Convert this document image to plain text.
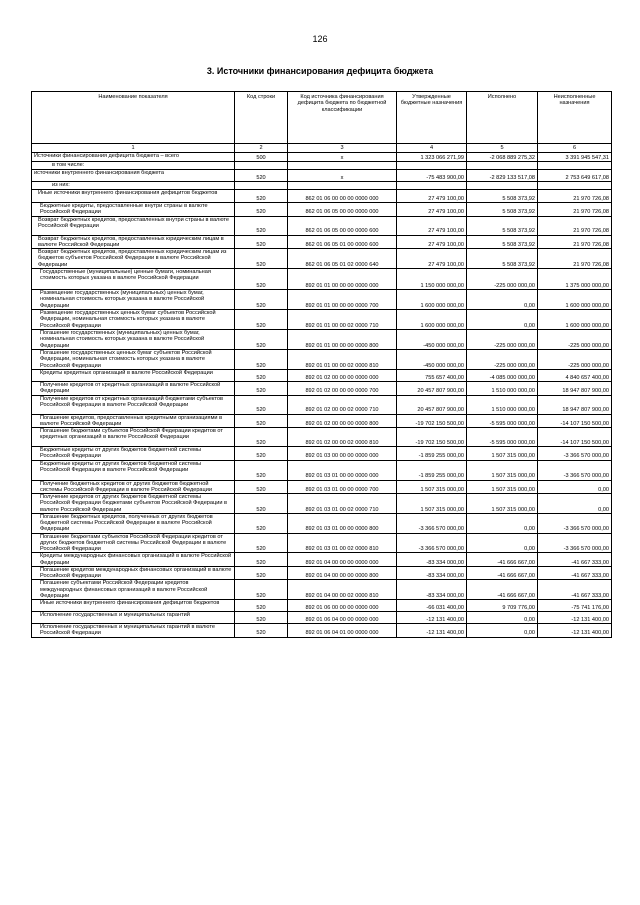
126
3. Источники финансирования дефицита бюджета
Наименование показателя	Код строки	Код источника финансирования дефицита бюджета по бюджетной классификации	Утвержденные бюджетные назначения	Исполнено	Неисполненные назначения
1	2	3	4	5	6
Источники финансирования дефицита бюджета – всего	500	x	1 323 066 271,99	-2 068 889 275,32	3 391 945 547,31
в том числе:					
источники внутреннего финансирования бюджета	520	x	-75 483 900,00	-2 829 133 517,08	2 753 649 617,08
из них:					
Иные источники внутреннего финансирования дефицитов бюджетов	520	862 01 06 00 00 00 0000 000	27 479 100,00	5 508 373,92	21 970 726,08
Бюджетные кредиты, предоставленные внутри страны в валюте Российской Федерации	520	862 01 06 05 00 00 0000 000	27 479 100,00	5 508 373,92	21 970 726,08
Возврат бюджетных кредитов, предоставленных внутри страны в валюте Российской Федерации	520	862 01 06 05 00 00 0000 600	27 479 100,00	5 508 373,92	21 970 726,08
Возврат бюджетных кредитов, предоставленных юридическим лицам в валюте Российской Федерации	520	862 01 06 05 01 00 0000 600	27 479 100,00	5 508 373,92	21 970 726,08
Возврат бюджетных кредитов, предоставленных юридическим лицам из бюджетов субъектов Российской Федерации в валюте Российской Федерации	520	862 01 06 05 01 02 0000 640	27 479 100,00	5 508 373,92	21 970 726,08
Государственные (муниципальные) ценные бумаги, номинальная стоимость которых указана в валюте Российской Федерации	520	892 01 01 00 00 00 0000 000	1 150 000 000,00	-225 000 000,00	1 375 000 000,00
Размещение государственных (муниципальных) ценных бумаг, номинальная стоимость которых указана в валюте Российской Федерации	520	892 01 01 00 00 00 0000 700	1 600 000 000,00	0,00	1 600 000 000,00
Размещение государственных ценных бумаг субъектов Российской Федерации, номинальная стоимость которых указана в валюте Российской Федерации	520	892 01 01 00 00 02 0000 710	1 600 000 000,00	0,00	1 600 000 000,00
Погашение государственных (муниципальных) ценных бумаг, номинальная стоимость которых указана в валюте Российской Федерации	520	892 01 01 00 00 00 0000 800	-450 000 000,00	-225 000 000,00	-225 000 000,00
Погашение государственных ценных бумаг субъектов Российской Федерации, номинальная стоимость которых указана в валюте Российской Федерации	520	892 01 01 00 00 02 0000 810	-450 000 000,00	-225 000 000,00	-225 000 000,00
Кредиты кредитных организаций в валюте Российской Федерации	520	892 01 02 00 00 00 0000 000	755 657 400,00	-4 085 000 000,00	4 840 657 400,00
Получение кредитов от кредитных организаций в валюте Российской Федерации	520	892 01 02 00 00 00 0000 700	20 457 807 900,00	1 510 000 000,00	18 947 807 900,00
Получение кредитов от кредитных организаций бюджетами субъектов Российской Федерации в валюте Российской Федерации	520	892 01 02 00 00 02 0000 710	20 457 807 900,00	1 510 000 000,00	18 947 807 900,00
Погашение кредитов, предоставленных кредитными организациями в валюте Российской Федерации	520	892 01 02 00 00 00 0000 800	-19 702 150 500,00	-5 595 000 000,00	-14 107 150 500,00
Погашение бюджетами субъектов Российской Федерации кредитов от кредитных организаций в валюте Российской Федерации	520	892 01 02 00 00 02 0000 810	-19 702 150 500,00	-5 595 000 000,00	-14 107 150 500,00
Бюджетные кредиты от других бюджетов бюджетной системы Российской Федерации	520	892 01 03 00 00 00 0000 000	-1 859 255 000,00	1 507 315 000,00	-3 366 570 000,00
Бюджетные кредиты от других бюджетов бюджетной системы Российской Федерации в валюте Российской Федерации	520	892 01 03 01 00 00 0000 000	-1 859 255 000,00	1 507 315 000,00	-3 366 570 000,00
Получение бюджетных кредитов от других бюджетов бюджетной системы Российской Федерации в валюте Российской Федерации	520	892 01 03 01 00 00 0000 700	1 507 315 000,00	1 507 315 000,00	0,00
Получение кредитов от других бюджетов бюджетной системы Российской Федерации бюджетами субъектов Российской Федерации в валюте Российской Федерации	520	892 01 03 01 00 02 0000 710	1 507 315 000,00	1 507 315 000,00	0,00
Погашение бюджетных кредитов, полученных от других бюджетов бюджетной системы Российской Федерации в валюте Российской Федерации	520	892 01 03 01 00 00 0000 800	-3 366 570 000,00	0,00	-3 366 570 000,00
Погашение бюджетами субъектов Российской Федерации кредитов от других бюджетов бюджетной системы Российской Федерации в валюте Российской Федерации	520	892 01 03 01 00 02 0000 810	-3 366 570 000,00	0,00	-3 366 570 000,00
Кредиты международных финансовых организаций в валюте Российской Федерации	520	892 01 04 00 00 00 0000 000	-83 334 000,00	-41 666 667,00	-41 667 333,00
Погашение кредитов международных финансовых организаций в валюте Российской Федерации	520	892 01 04 00 00 00 0000 800	-83 334 000,00	-41 666 667,00	-41 667 333,00
Погашение субъектами Российской Федерации кредитов международных финансовых организаций в валюте Российской Федерации	520	892 01 04 00 00 02 0000 810	-83 334 000,00	-41 666 667,00	-41 667 333,00
Иные источники внутреннего финансирования дефицитов бюджетов	520	892 01 06 00 00 00 0000 000	-66 031 400,00	9 709 776,00	-75 741 176,00
Исполнение государственных и муниципальных гарантий	520	892 01 06 04 00 00 0000 000	-12 131 400,00	0,00	-12 131 400,00
Исполнение государственных и муниципальных гарантий в валюте Российской Федерации	520	892 01 06 04 01 00 0000 000	-12 131 400,00	0,00	-12 131 400,00
